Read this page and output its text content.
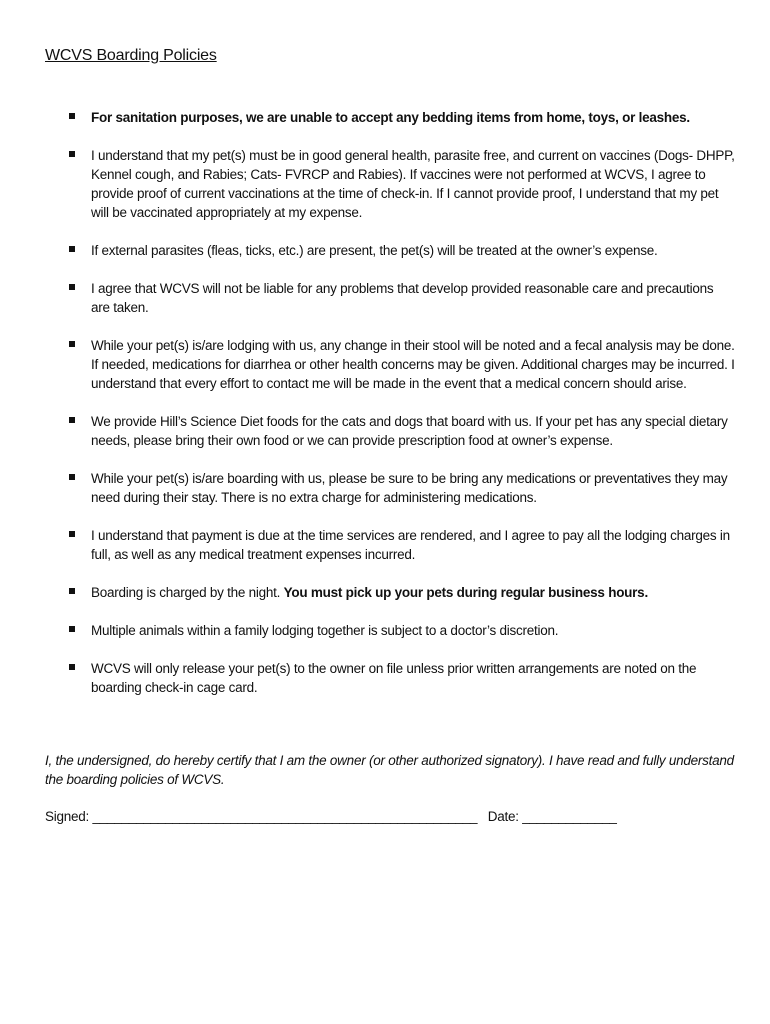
WCVS Boarding Policies
For sanitation purposes, we are unable to accept any bedding items from home, toys, or leashes.
I understand that my pet(s) must be in good general health, parasite free, and current on vaccines (Dogs- DHPP, Kennel cough, and Rabies; Cats- FVRCP and Rabies). If vaccines were not performed at WCVS, I agree to provide proof of current vaccinations at the time of check-in. If I cannot provide proof, I understand that my pet will be vaccinated appropriately at my expense.
If external parasites (fleas, ticks, etc.) are present, the pet(s) will be treated at the owner’s expense.
I agree that WCVS will not be liable for any problems that develop provided reasonable care and precautions are taken.
While your pet(s) is/are lodging with us, any change in their stool will be noted and a fecal analysis may be done. If needed, medications for diarrhea or other health concerns may be given. Additional charges may be incurred. I understand that every effort to contact me will be made in the event that a medical concern should arise.
We provide Hill’s Science Diet foods for the cats and dogs that board with us. If your pet has any special dietary needs, please bring their own food or we can provide prescription food at owner’s expense.
While your pet(s) is/are boarding with us, please be sure to be bring any medications or preventatives they may need during their stay. There is no extra charge for administering medications.
I understand that payment is due at the time services are rendered, and I agree to pay all the lodging charges in full, as well as any medical treatment expenses incurred.
Boarding is charged by the night. You must pick up your pets during regular business hours.
Multiple animals within a family lodging together is subject to a doctor’s discretion.
WCVS will only release your pet(s) to the owner on file unless prior written arrangements are noted on the boarding check-in cage card.

I, the undersigned, do hereby certify that I am the owner (or other authorized signatory). I have read and fully understand the boarding policies of WCVS.

Signed: _____________________________________________________   Date: _____________
